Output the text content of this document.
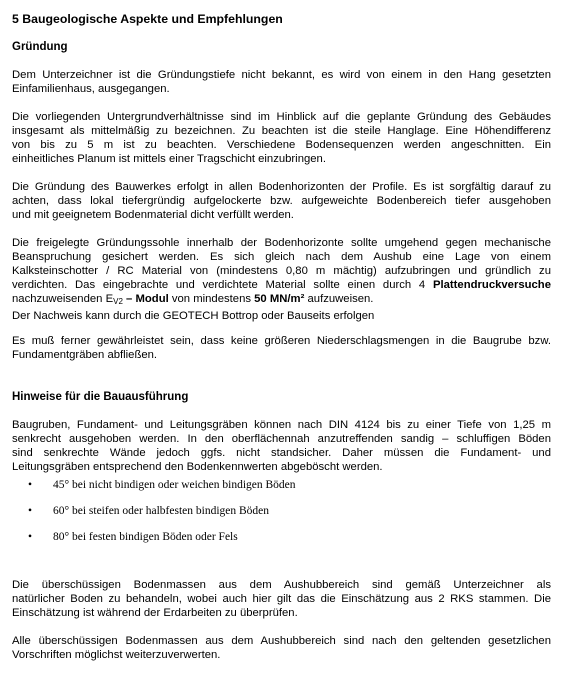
5 Baugeologische Aspekte und Empfehlungen
Gründung

Dem Unterzeichner ist die Gründungstiefe nicht bekannt, es wird von einem in den Hang gesetzten
Einfamilienhaus, ausgegangen.

Die vorliegenden Untergrundverhältnisse sind im Hinblick auf die geplante Gründung des Gebäudes
insgesamt als mittelmäßig zu bezeichnen. Zu beachten ist die steile Hanglage. Eine Höhendifferenz
von bis zu 5 m ist zu beachten. Verschiedene Bodensequenzen werden angeschnitten. Ein
einheitliches Planum ist mittels einer Tragschicht einzubringen.

Die Gründung des Bauwerkes erfolgt in allen Bodenhorizonten der Profile. Es ist sorgfältig darauf zu
achten, dass lokal tiefergründig aufgelockerte bzw. aufgeweichte Bodenbereich tiefer ausgehoben
und mit geeignetem Bodenmaterial dicht verfüllt werden.

Die freigelegte Gründungssohle innerhalb der Bodenhorizonte sollte umgehend gegen mechanische
Beanspruchung gesichert werden. Es sich gleich nach dem Aushub eine Lage von einem
Kalksteinschotter / RC Material von (mindestens 0,80 m mächtig) aufzubringen und gründlich zu
verdichten. Das eingebrachte und verdichtete Material sollte einen durch 4 Plattendruckversuche
nachzuweisenden $E_{V2}$ – Modul von mindestens 50 MN/m² aufzuweisen.
Der Nachweis kann durch die GEOTECH Bottrop oder Bauseits erfolgen

Es muß ferner gewährleistet sein, dass keine größeren Niederschlagsmengen in die Baugrube bzw.
Fundamentgräben abfließen.

Hinweise für die Bauausführung

Baugruben, Fundament- und Leitungsgräben können nach DIN 4124 bis zu einer Tiefe von 1,25 m
senkrecht ausgehoben werden. In den oberflächennah anzutreffenden sandig – schluffigen Böden
sind senkrechte Wände jedoch ggfs. nicht standsicher. Daher müssen die Fundament- und
Leitungsgräben entsprechend den Bodenkennwerten abgeböscht werden.

• 45° bei nicht bindigen oder weichen bindigen Böden
• 60° bei steifen oder halbfesten bindigen Böden
• 80° bei festen bindigen Böden oder Fels

Die überschüssigen Bodenmassen aus dem Aushubbereich sind gemäß Unterzeichner als
natürlicher Boden zu behandeln, wobei auch hier gilt das die Einschätzung aus 2 RKS stammen. Die
Einschätzung ist während der Erdarbeiten zu überprüfen.

Alle überschüssigen Bodenmassen aus dem Aushubbereich sind nach den geltenden gesetzlichen
Vorschriften möglichst weiterzuverwerten.
